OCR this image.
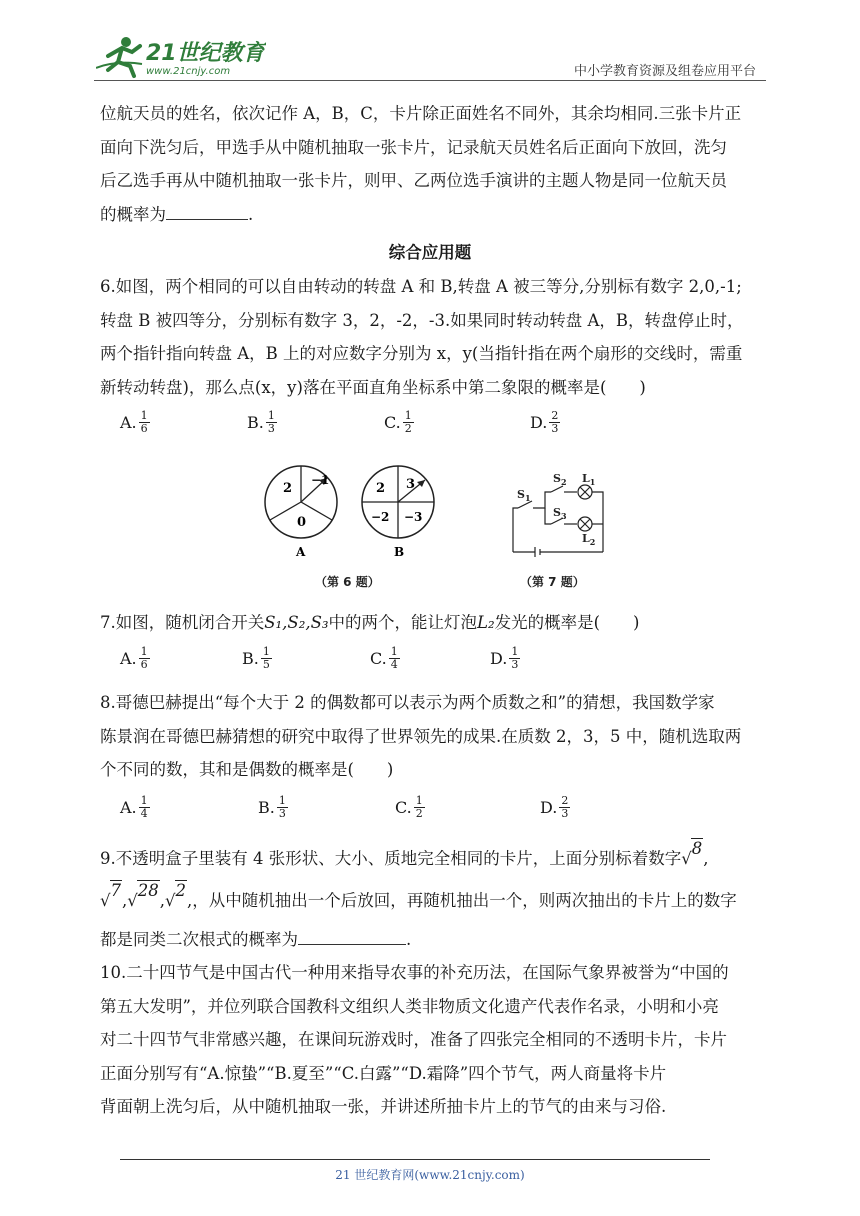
21世纪教育
www.21cnjy.com	中小学教育资源及组卷应用平台
位航天员的姓名，依次记作 A，B，C，卡片除正面姓名不同外，其余均相同.三张卡片正
面向下洗匀后，甲选手从中随机抽取一张卡片，记录航天员姓名后正面向下放回，洗匀
后乙选手再从中随机抽取一张卡片，则甲、乙两位选手演讲的主题人物是同一位航天员
的概率为	.
综合应用题
6.如图，两个相同的可以自由转动的转盘 A 和 B,转盘 A 被三等分,分别标有数字 2,0,-1;
转盘 B 被四等分，分别标有数字 3，2，-2，-3.如果同时转动转盘 A，B，转盘停止时，
两个指针指向转盘 A，B 上的对应数字分别为 x，y(当指针指在两个扇形的交线时，需重
新转动转盘)，那么点(x，y)落在平面直角坐标系中第二象限的概率是(　　)
A. $\frac{1}{6}$	B. $\frac{1}{3}$	C. $\frac{1}{2}$	D. $\frac{2}{3}$
2
−1
0
A
2 3
−2 −3
B
$S_1$
$S_2$
$S_3$
$L_1$
$L_2$
（第 6 题）	（第 7 题）
7.如图，随机闭合开关S₁,S₂,S₃中的两个，能让灯泡L₂发光的概率是(　　)
A. $\frac{1}{6}$	B. $\frac{1}{5}$	C. $\frac{1}{4}$	D. $\frac{1}{3}$
8.哥德巴赫提出“每个大于 2 的偶数都可以表示为两个质数之和”的猜想，我国数学家
陈景润在哥德巴赫猜想的研究中取得了世界领先的成果.在质数 2，3，5 中，随机选取两
个不同的数，其和是偶数的概率是(　　)
A. $\frac{1}{4}$	B. $\frac{1}{3}$	C. $\frac{1}{2}$	D. $\frac{2}{3}$
9.不透明盒子里装有 4 张形状、大小、质地完全相同的卡片，上面分别标着数字√
8
,
√
7
,√
28
,√
2
,，从中随机抽出一个后放回，再随机抽出一个，则两次抽出的卡片上的数字
都是同类二次根式的概率为	.
10.二十四节气是中国古代一种用来指导农事的补充历法，在国际气象界被誉为“中国的
第五大发明”，并位列联合国教科文组织人类非物质文化遗产代表作名录，小明和小亮
对二十四节气非常感兴趣，在课间玩游戏时，准备了四张完全相同的不透明卡片，卡片
正面分别写有“A.惊蛰”“B.夏至”“C.白露”“D.霜降”四个节气，两人商量将卡片
背面朝上洗匀后，从中随机抽取一张，并讲述所抽卡片上的节气的由来与习俗.
21 世纪教育网(www.21cnjy.com)
